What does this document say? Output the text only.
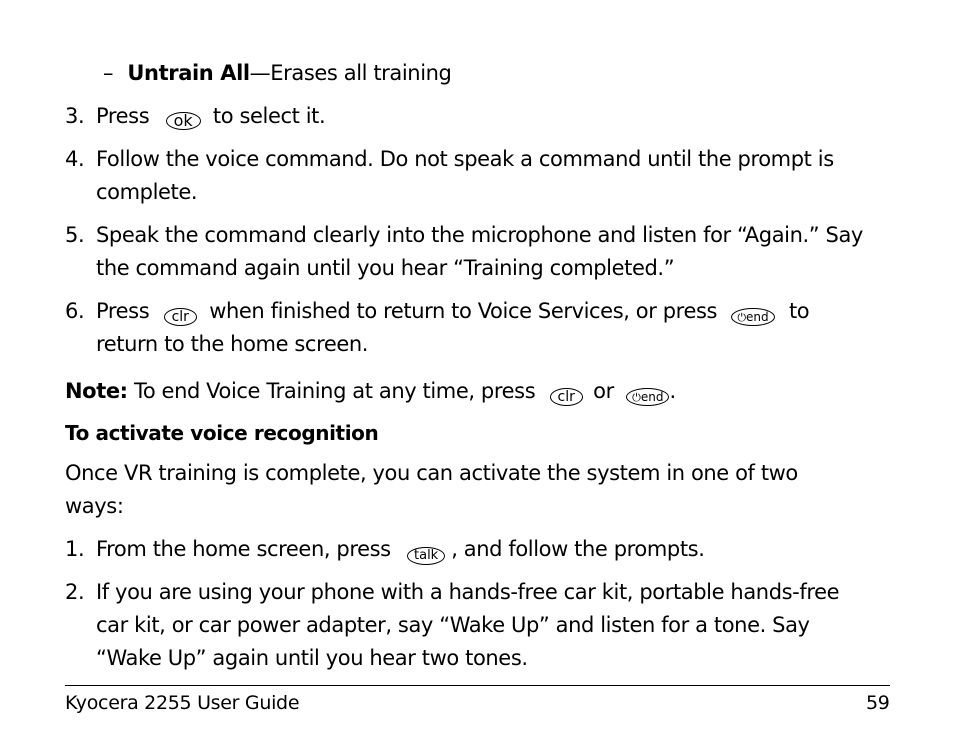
– Untrain All—Erases all training
3. Press ok to select it.
4. Follow the voice command. Do not speak a command until the prompt is
complete.
5. Speak the command clearly into the microphone and listen for “Again.” Say
the command again until you hear “Training completed.”
6. Press clr when finished to return to Voice Services, or press ⏻end to
return to the home screen.
Note: To end Voice Training at any time, press clr or ⏻end .
To activate voice recognition
Once VR training is complete, you can activate the system in one of two
ways:
1. From the home screen, press talk , and follow the prompts.
2. If you are using your phone with a hands-free car kit, portable hands-free
car kit, or car power adapter, say “Wake Up” and listen for a tone. Say
“Wake Up” again until you hear two tones.
Kyocera 2255 User Guide	59
